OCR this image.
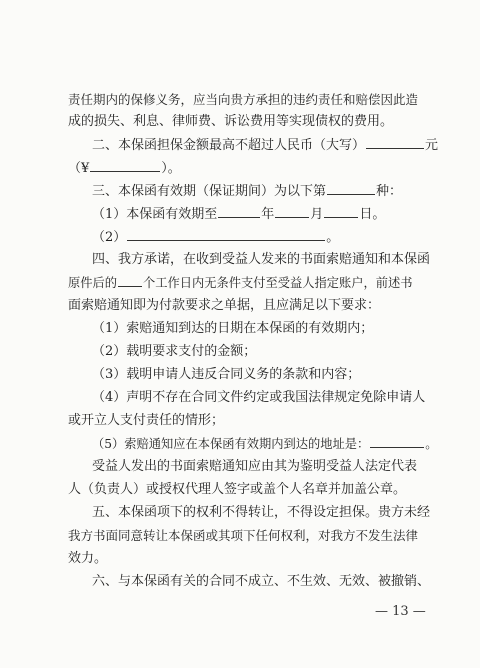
责任期内的保修义务，应当向贵方承担的违约责任和赔偿因此造
成的损失、利息、律师费、诉讼费用等实现债权的费用。
二、本保函担保金额最高不超过人民币（大写）	元
（¥	）。
三、本保函有效期（保证期间）为以下第	种：
（1）本保函有效期至	年	月	日。
（2）	。
四、我方承诺，在收到受益人发来的书面索赔通知和本保函
原件后的 个工作日内无条件支付至受益人指定账户，前述书
面索赔通知即为付款要求之单据，且应满足以下要求：
（1）索赔通知到达的日期在本保函的有效期内；
（2）载明要求支付的金额；
（3）载明申请人违反合同义务的条款和内容；
（4）声明不存在合同文件约定或我国法律规定免除申请人
或开立人支付责任的情形；
（5）索赔通知应在本保函有效期内到达的地址是：	。
受益人发出的书面索赔通知应由其为鉴明受益人法定代表
人（负责人）或授权代理人签字或盖个人名章并加盖公章。
五、本保函项下的权利不得转让，不得设定担保。贵方未经
我方书面同意转让本保函或其项下任何权利，对我方不发生法律
效力。
六、与本保函有关的合同不成立、不生效、无效、被撤销、
— 13 —
